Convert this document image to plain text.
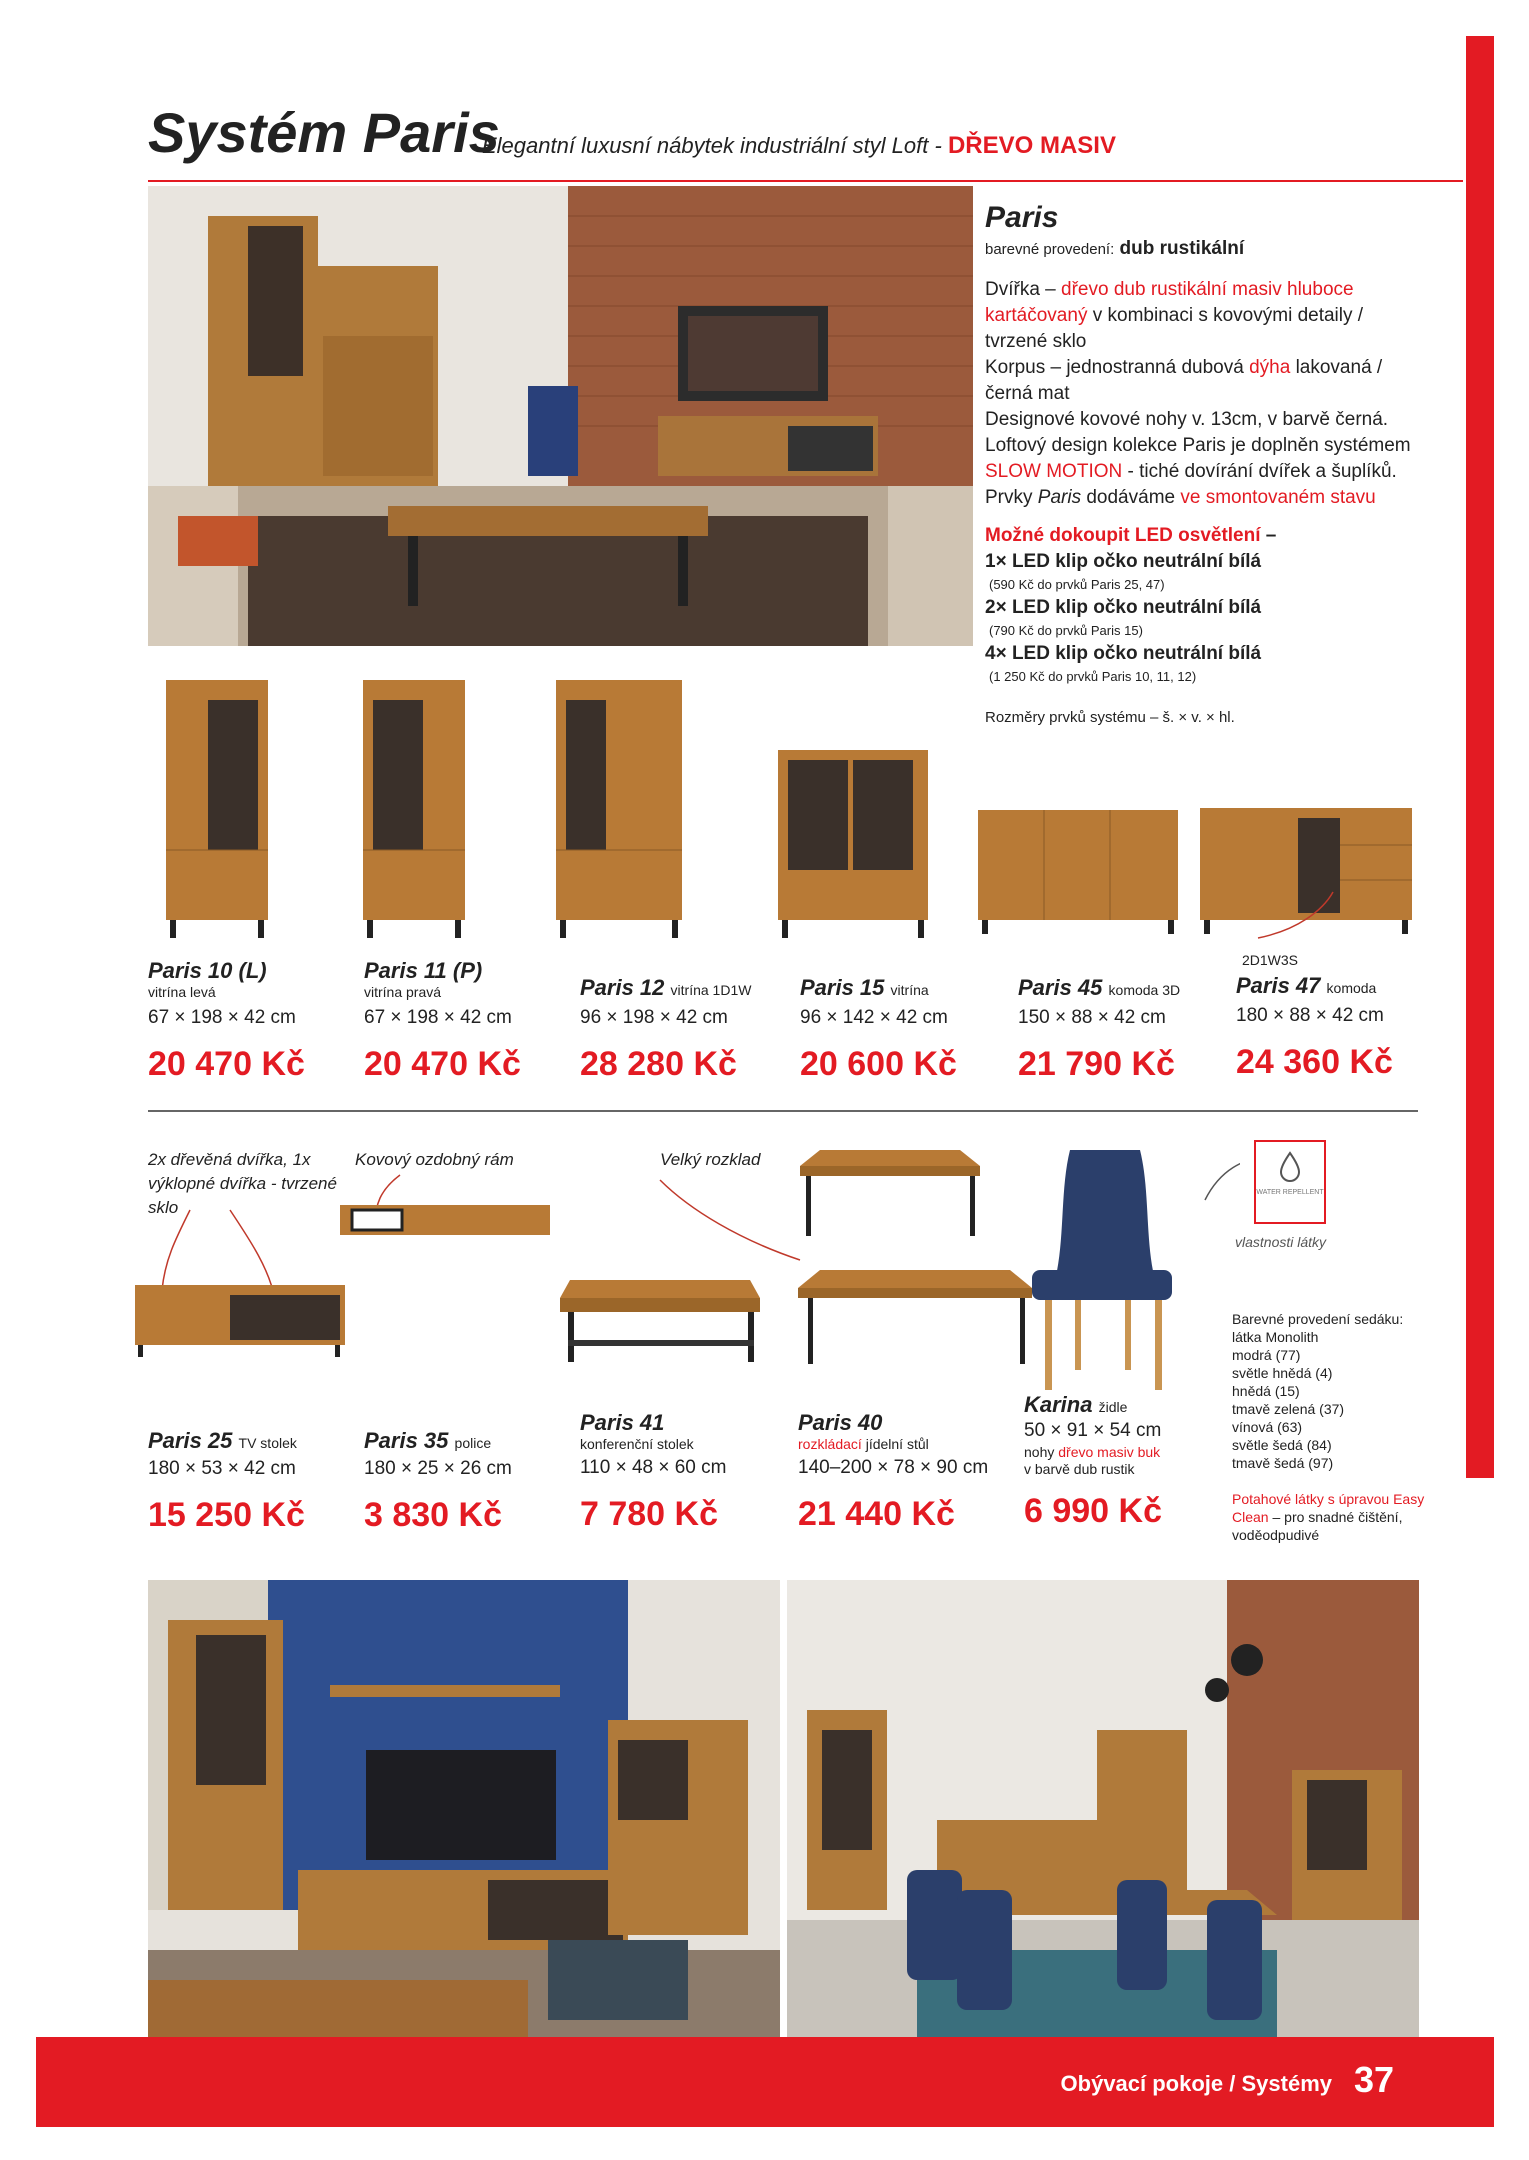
Systém Paris
Elegantní luxusní nábytek industriální styl Loft - DŘEVO MASIV
Paris

barevné provedení: dub rustikální

Dvířka – dřevo dub rustikální masiv hluboce kartáčovaný v kombinaci s kovovými detaily / tvrzené sklo

Korpus – jednostranná dubová dýha lakovaná / černá mat

Designové kovové nohy v. 13cm, v barvě černá.

Loftový design kolekce Paris je doplněn systémem SLOW MOTION - tiché dovírání dvířek a šuplíků.

Prvky Paris dodáváme ve smontovaném stavu

Možné dokoupit LED osvětlení –

1× LED klip očko neutrální bílá

(590 Kč do prvků Paris 25, 47)

2× LED klip očko neutrální bílá

(790 Kč do prvků Paris 15)

4× LED klip očko neutrální bílá

(1 250 Kč do prvků Paris 10, 11, 12)

Rozměry prvků systému – š. × v. × hl.

Paris 10 (L)
vitrína levá
67 × 198 × 42 cm
20 470 Kč
Paris 11 (P)
vitrína pravá
67 × 198 × 42 cm
20 470 Kč
Paris 12 vitrína 1D1W
96 × 198 × 42 cm
28 280 Kč
Paris 15 vitrína
96 × 142 × 42 cm
20 600 Kč
Paris 45 komoda 3D
150 × 88 × 42 cm
21 790 Kč
2D1W3S
Paris 47 komoda
180 × 88 × 42 cm
24 360 Kč
2x dřevěná dvířka, 1x výklopné dvířka - tvrzené sklo
Kovový ozdobný rám	Velký rozklad
vlastnosti látky
WATER REPELLENT
Paris 25 TV stolek
180 × 53 × 42 cm
15 250 Kč
Paris 35 police
180 × 25 × 26 cm
3 830 Kč
Paris 41
konferenční stolek
110 × 48 × 60 cm
7 780 Kč
Paris 40
rozkládací jídelní stůl
140–200 × 78 × 90 cm
21 440 Kč
Karina židle
50 × 91 × 54 cm
nohy dřevo masiv buk
v barvě dub rustik
6 990 Kč

Barevné provedení sedáku:

látka Monolith

modrá (77)

světle hnědá (4)

hnědá (15)

tmavě zelená (37)

vínová (63)

světle šedá (84)

tmavě šedá (97)

Potahové látky s úpravou Easy Clean – pro snadné čištění, voděodpudivé

Obývací pokoje / Systémy 37
